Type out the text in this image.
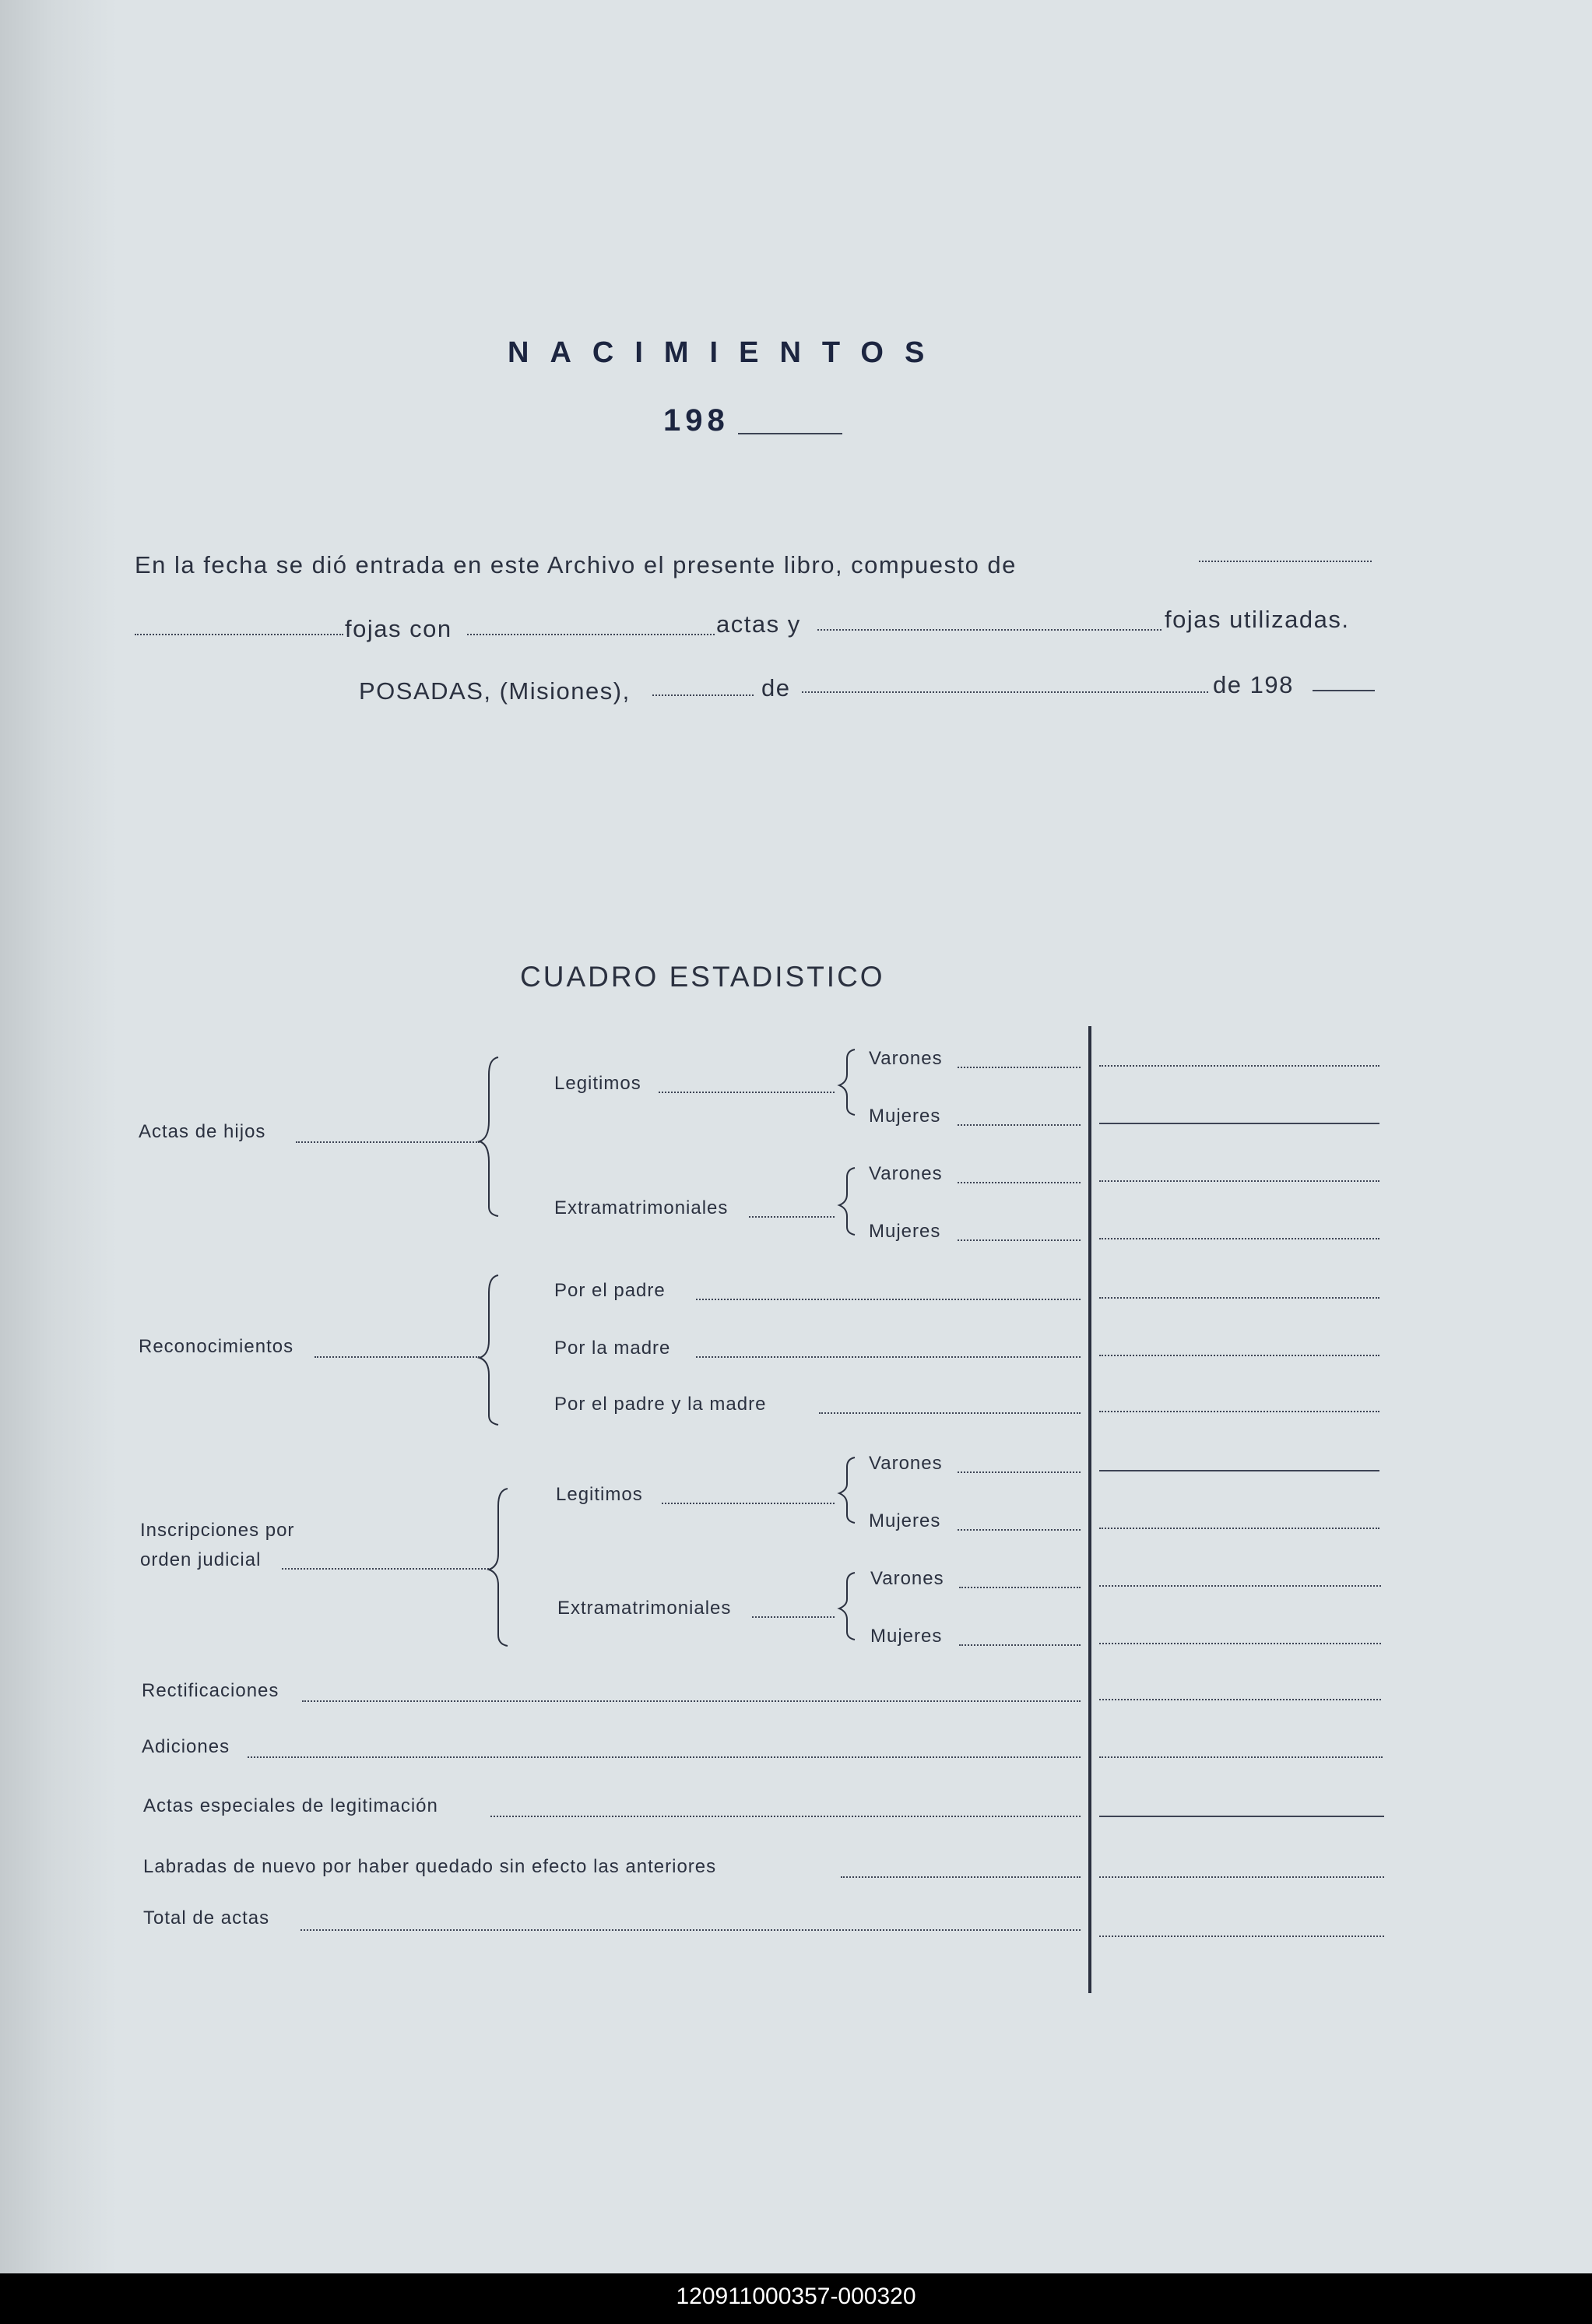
NACIMIENTOS
198
En la fecha se dió entrada en este Archivo el presente libro, compuesto de
fojas con	actas y	fojas utilizadas.
POSADAS, (Misiones),	de	de 198
CUADRO ESTADISTICO
Actas de hijos
Legitimos
Varones
Mujeres
Extramatrimoniales
Varones
Mujeres
Reconocimientos
Por el padre
Por la madre
Por el padre y la madre
Inscripciones por
orden judicial
Legitimos
Varones
Mujeres
Extramatrimoniales
Varones
Mujeres
Rectificaciones
Adiciones
Actas especiales de legitimación
Labradas de nuevo por haber quedado sin efecto las anteriores
Total de actas
120911000357-000320
